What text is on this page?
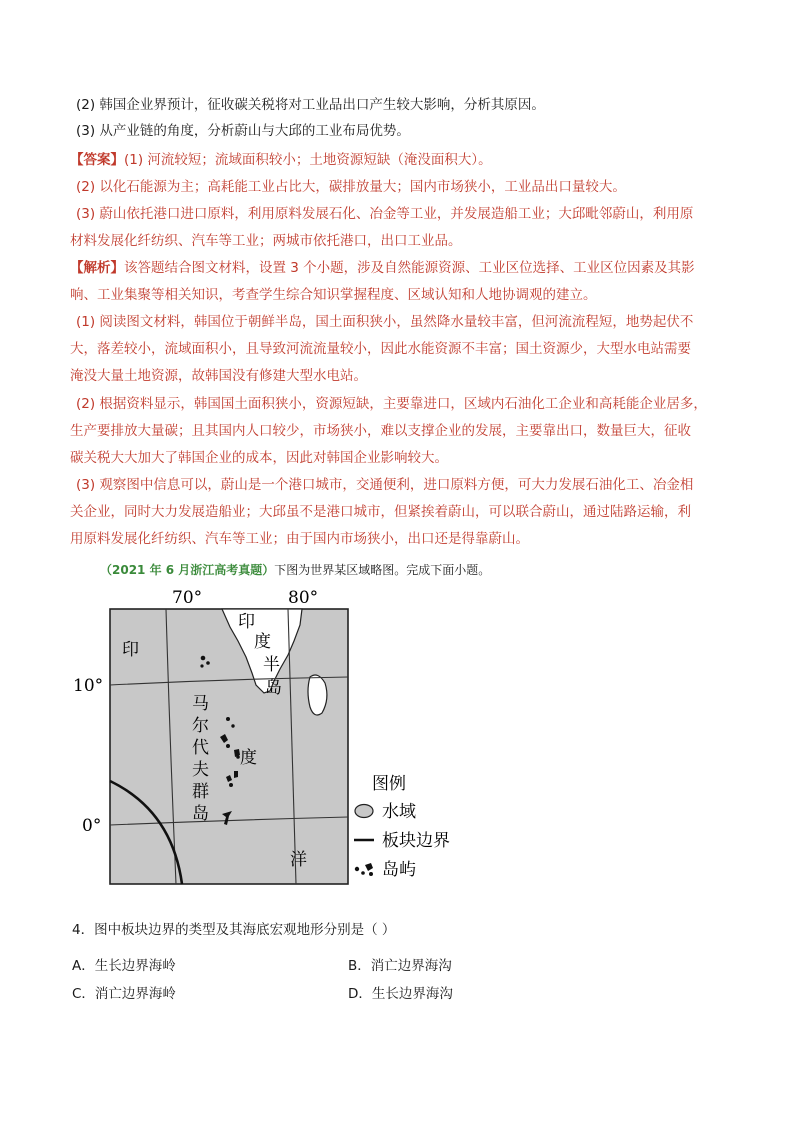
(2) 韩国企业界预计，征收碳关税将对工业品出口产生较大影响，分析其原因。
(3) 从产业链的角度，分析蔚山与大邱的工业布局优势。
【答案】(1) 河流较短；流域面积较小；土地资源短缺（淹没面积大）。
(2) 以化石能源为主；高耗能工业占比大，碳排放量大；国内市场狭小，工业品出口量较大。
(3) 蔚山依托港口进口原料，利用原料发展石化、冶金等工业，并发展造船工业；大邱毗邻蔚山，利用原
材料发展化纤纺织、汽车等工业；两城市依托港口，出口工业品。
【解析】该答题结合图文材料，设置 3 个小题，涉及自然能源资源、工业区位选择、工业区位因素及其影
响、工业集聚等相关知识，考查学生综合知识掌握程度、区域认知和人地协调观的建立。
(1) 阅读图文材料，韩国位于朝鲜半岛，国土面积狭小，虽然降水量较丰富，但河流流程短，地势起伏不
大，落差较小，流域面积小，且导致河流流量较小，因此水能资源不丰富；国土资源少，大型水电站需要
淹没大量土地资源，故韩国没有修建大型水电站。
(2) 根据资料显示，韩国国土面积狭小，资源短缺，主要靠进口，区域内石油化工企业和高耗能企业居多，
生产要排放大量碳；且其国内人口较少，市场狭小，难以支撑企业的发展，主要靠出口，数量巨大，征收
碳关税大大加大了韩国企业的成本，因此对韩国企业影响较大。
(3) 观察图中信息可以，蔚山是一个港口城市，交通便利，进口原料方便，可大力发展石油化工、冶金相
关企业，同时大力发展造船业；大邱虽不是港口城市，但紧挨着蔚山，可以联合蔚山，通过陆路运输，利
用原料发展化纤纺织、汽车等工业；由于国内市场狭小，出口还是得靠蔚山。
（2021 年 6 月浙江高考真题）下图为世界某区域略图。完成下面小题。
70°	80°
10°
0°
印
度
洋
印
度
半
岛
马
尔
代
夫
群
岛
图例
水域
板块边界
岛屿
4．图中板块边界的类型及其海底宏观地形分别是（ ）
A．生长边界海岭	B．消亡边界海沟
C．消亡边界海岭	D．生长边界海沟
